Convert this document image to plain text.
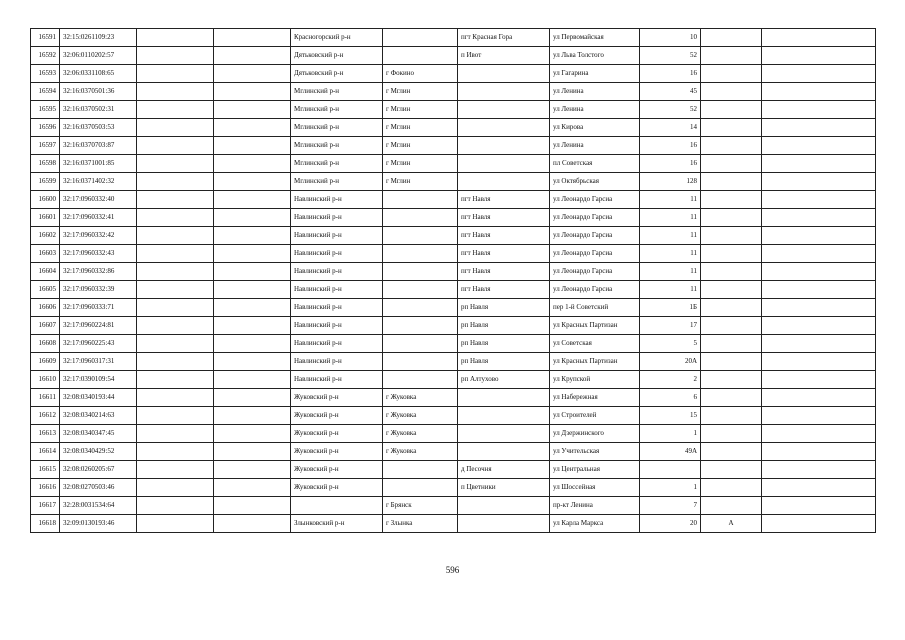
16591	32:15:0261109:23			Красногорский р-н		пгт Красная Гора	ул Первомайская	10		
16592	32:06:0110202:57			Дятьковский р-н		п Ивот	ул Льва Толстого	52		
16593	32:06:0331108:65			Дятьковский р-н	г Фокино		ул Гагарина	16		
16594	32:16:0370501:36			Мглинский р-н	г Мглин		ул Ленина	45		
16595	32:16:0370502:31			Мглинский р-н	г Мглин		ул Ленина	52		
16596	32:16:0370503:53			Мглинский р-н	г Мглин		ул Кирова	14		
16597	32:16:0370703:87			Мглинский р-н	г Мглин		ул Ленина	16		
16598	32:16:0371001:85			Мглинский р-н	г Мглин		пл Советская	16		
16599	32:16:0371402:32			Мглинский р-н	г Мглин		ул Октябрьская	128		
16600	32:17:0960332:40			Навлинский р-н		пгт Навля	ул Леонардо Гарсиа	11		
16601	32:17:0960332:41			Навлинский р-н		пгт Навля	ул Леонардо Гарсиа	11		
16602	32:17:0960332:42			Навлинский р-н		пгт Навля	ул Леонардо Гарсиа	11		
16603	32:17:0960332:43			Навлинский р-н		пгт Навля	ул Леонардо Гарсиа	11		
16604	32:17:0960332:86			Навлинский р-н		пгт Навля	ул Леонардо Гарсиа	11		
16605	32:17:0960332:39			Навлинский р-н		пгт Навля	ул Леонардо Гарсиа	11		
16606	32:17:0960333:71			Навлинский р-н		рп Навля	пер 1-й Советский	1Б		
16607	32:17:0960224:81			Навлинский р-н		рп Навля	ул Красных Партизан	17		
16608	32:17:0960225:43			Навлинский р-н		рп Навля	ул Советская	5		
16609	32:17:0960317:31			Навлинский р-н		рп Навля	ул Красных Партизан	20А		
16610	32:17:0390109:54			Навлинский р-н		рп Алтухово	ул Крупской	2		
16611	32:08:0340193:44			Жуковский р-н	г Жуковка		ул Набережная	6		
16612	32:08:0340214:63			Жуковский р-н	г Жуковка		ул Строителей	15		
16613	32:08:0340347:45			Жуковский р-н	г Жуковка		ул Дзержинского	1		
16614	32:08:0340429:52			Жуковский р-н	г Жуковка		ул Учительская	49А		
16615	32:08:0260205:67			Жуковский р-н		д Песочня	ул Центральная			
16616	32:08:0270503:46			Жуковский р-н		п Цветники	ул Шоссейная	1		
16617	32:28:0031534:64				г Брянск		пр-кт Ленина	7		
16618	32:09:0130193:46			Злынковский р-н	г Злынка		ул Карла Маркса	20	А	
596
